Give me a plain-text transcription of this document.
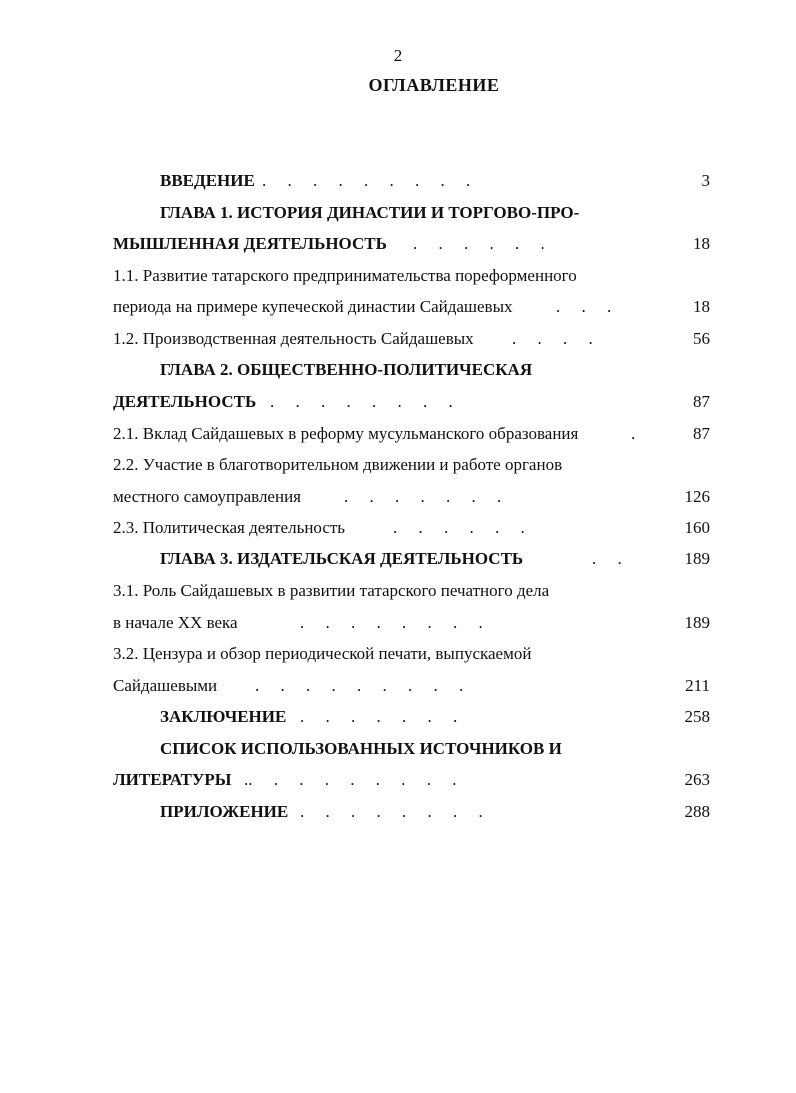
2
ОГЛАВЛЕНИЕ
ВВЕДЕНИЕ .     .     .     .     .     .     .     .     .	3
ГЛАВА 1. ИСТОРИЯ ДИНАСТИИ И ТОРГОВО-ПРО-
МЫШЛЕННАЯ ДЕЯТЕЛЬНОСТЬ .     .     .     .     .     .	18
1.1. Развитие татарского предпринимательства пореформенного
периода на примере купеческой династии Сайдашевых	.     .     .	18
1.2. Производственная деятельность Сайдашевых .     .     .     .	56
ГЛАВА 2. ОБЩЕСТВЕННО-ПОЛИТИЧЕСКАЯ
ДЕЯТЕЛЬНОСТЬ .     .     .     .     .     .     .     .	87
2.1. Вклад Сайдашевых в реформу мусульманского образования	.	87
2.2. Участие в благотворительном движении и работе органов
местного самоуправления	.     .     .     .     .     .     .	126
2.3. Политическая деятельность	.     .     .     .     .     .	160
ГЛАВА 3. ИЗДАТЕЛЬСКАЯ ДЕЯТЕЛЬНОСТЬ	.     .	189
3.1. Роль Сайдашевых в развитии татарского печатного дела
в начале XX века	.     .     .     .     .     .     .     .	189
3.2. Цензура и обзор периодической печати, выпускаемой
Сайдашевыми .     .     .     .     .     .     .     .     .	211
ЗАКЛЮЧЕНИЕ .     .     .     .     .     .     .	258
СПИСОК ИСПОЛЬЗОВАННЫХ ИСТОЧНИКОВ И
ЛИТЕРАТУРЫ ..     .     .     .     .     .     .     .     .	263
ПРИЛОЖЕНИЕ .     .     .     .     .     .     .     .	288
